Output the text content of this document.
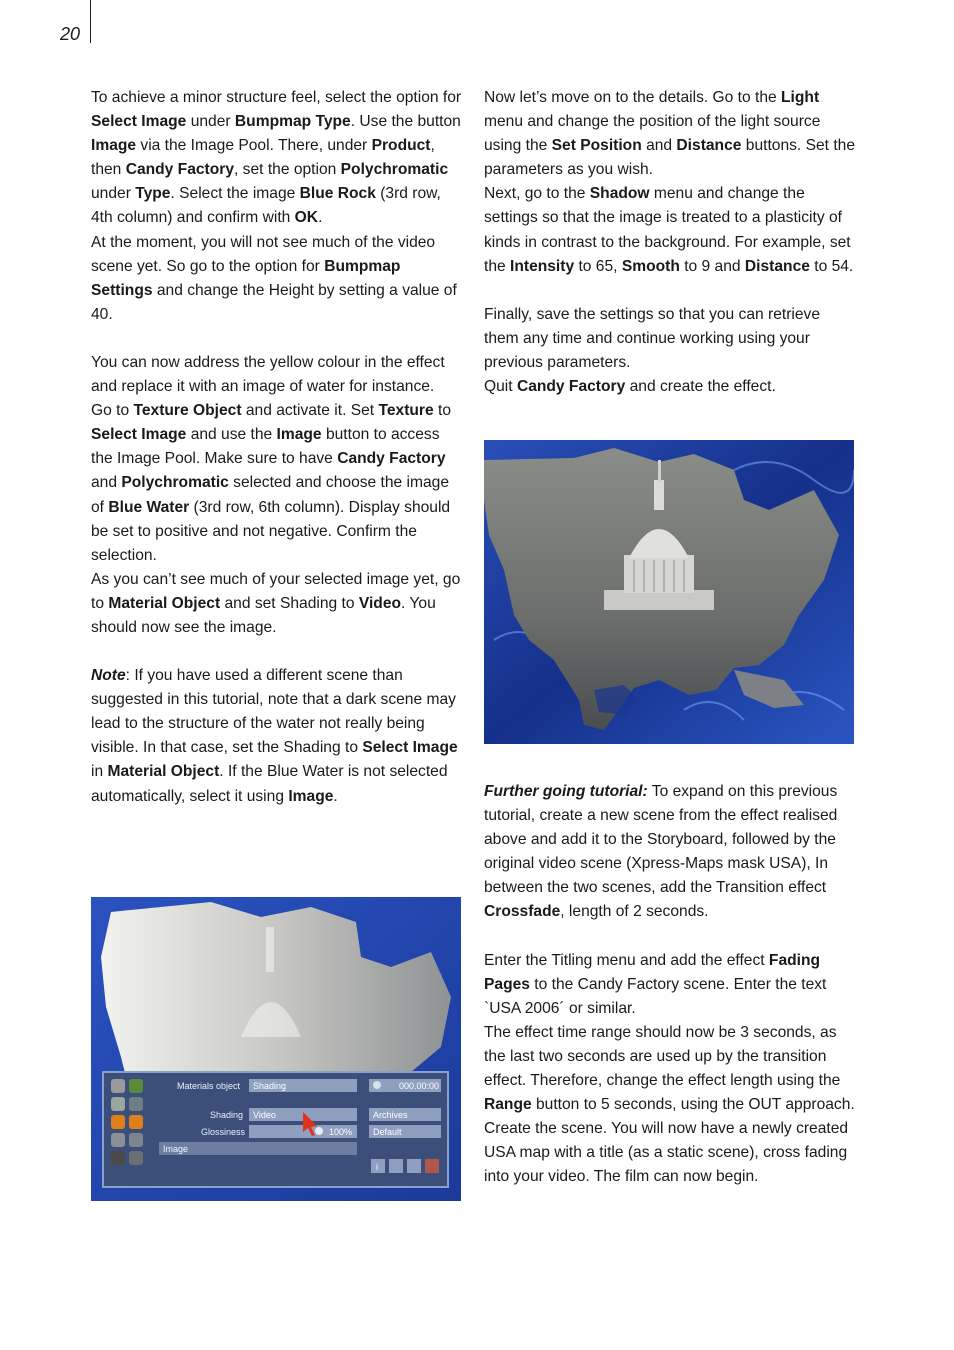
20

To achieve a minor structure feel, select the option for Select Image under Bumpmap Type. Use the button Image via the Image Pool. There, under Product, then Candy Factory, set the option Polychromatic under Type. Select the image Blue Rock (3rd row, 4th column) and confirm with OK.

At the moment, you will not see much of the video scene yet. So go to the option for Bumpmap Settings and change the Height by setting a value of 40.

You can now address the yellow colour in the effect and replace it with an image of water for instance.

Go to Texture Object and activate it. Set Texture to Select Image and use the Image button to access the Image Pool. Make sure to have Candy Factory and Polychromatic selected and choose the image of Blue Water (3rd row, 6th column). Display should be set to positive and not negative. Confirm the selection.

As you can’t see much of your selected image yet, go to Material Object and set Shading to Video. You should now see the image.

Note: If you have used a different scene than suggested in this tutorial, note that a dark scene may lead to the structure of the water not really being visible. In that case, set the Shading to Select Image in Material Object. If the Blue Water is not selected automatically, select it using Image.

Now let’s move on to the details. Go to the Light menu and change the position of the light source using the Set Position and Distance buttons. Set the parameters as you wish.

Next, go to the Shadow menu and change the settings so that the image is treated to a plasticity of kinds in contrast to the background. For example, set the Intensity to 65, Smooth to 9 and Distance to 54.

Finally, save the settings so that you can retrieve them any time and continue working using your previous parameters.

Quit Candy Factory and create the effect.

Further going tutorial: To expand on this previous tutorial, create a new scene from the effect realised above and add it to the Storyboard, followed by the original video scene (Xpress-Maps mask USA), In between the two scenes, add the Transition effect Crossfade, length of 2 seconds.

Enter the Titling menu and add the effect Fading Pages to the Candy Factory scene. Enter the text `USA 2006´ or similar.

The effect time range should now be 3 seconds, as the last two seconds are used up by the transition effect. Therefore, change the effect length using the Range button to 5 seconds, using the OUT approach. Create the scene. You will now have a newly created USA map with a title (as a static scene), cross fading into your video. The film can now begin.

Materials object Shading	000.00:00
Shading Video	Archives
Glossiness	100% Default
Image
i
